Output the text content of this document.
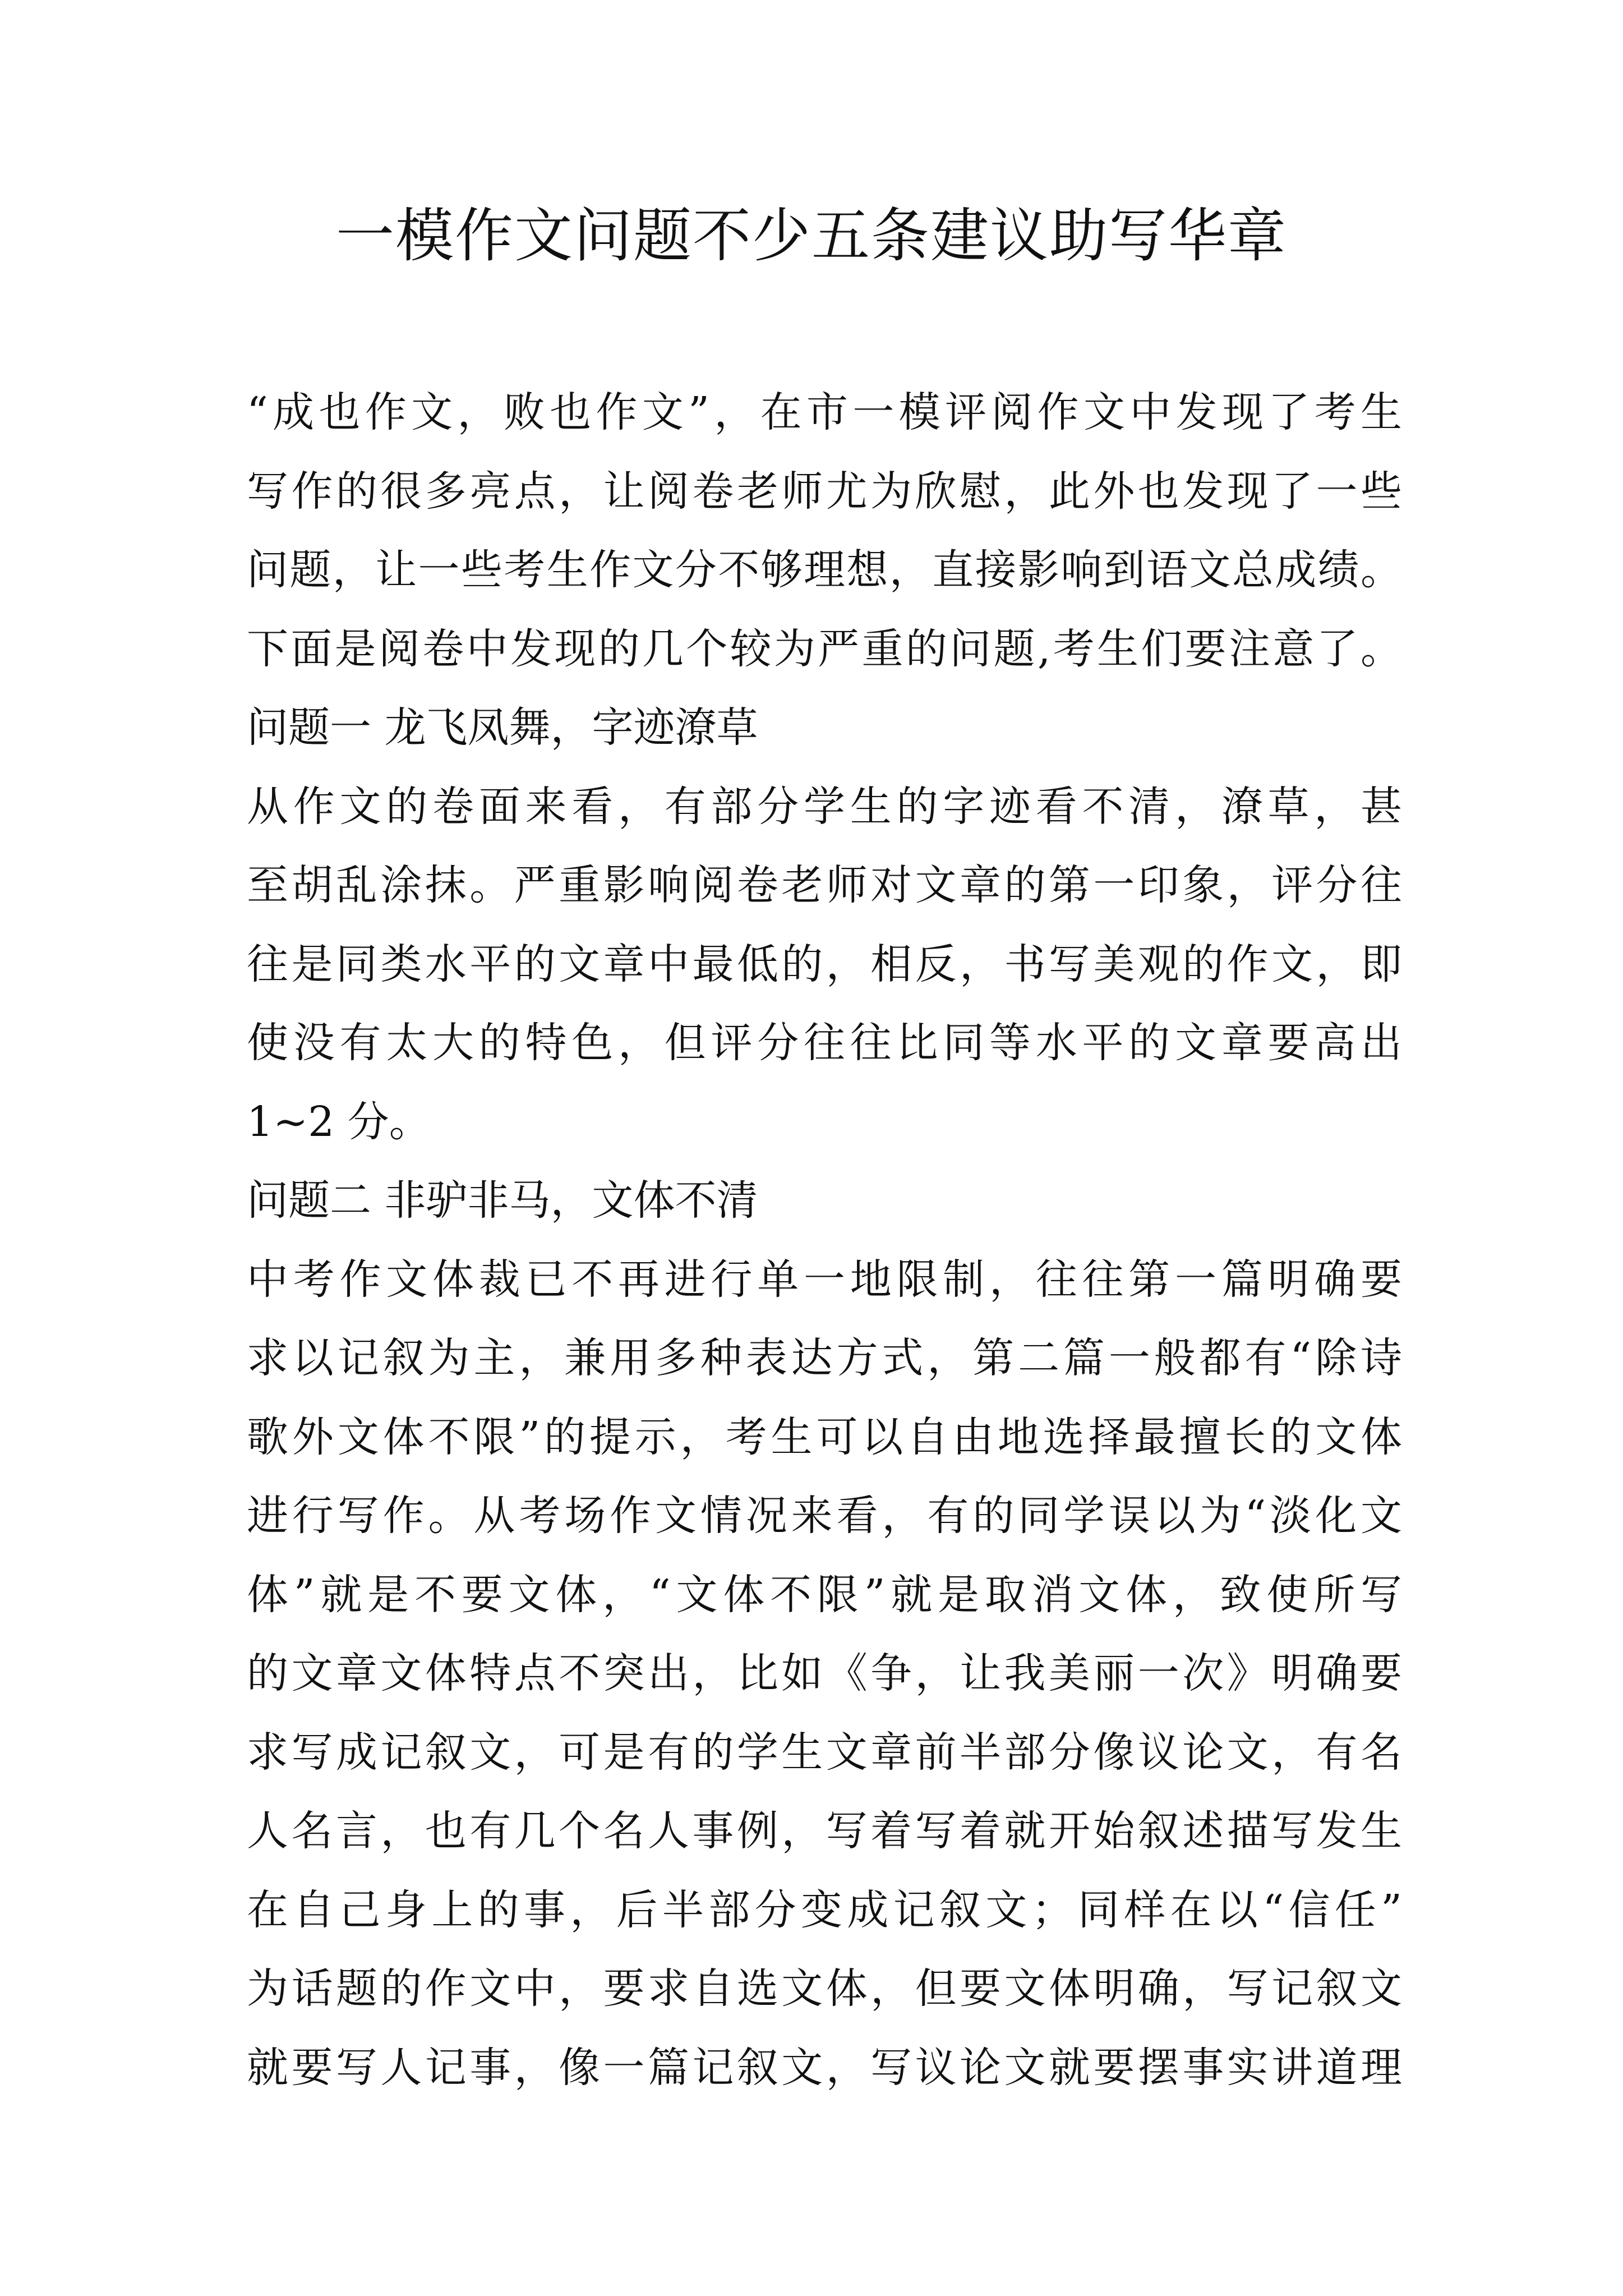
一模作文问题不少五条建议助写华章
“成也作文，败也作文”，在市一模评阅作文中发现了考生
写作的很多亮点，让阅卷老师尤为欣慰，此外也发现了一些
问题，让一些考生作文分不够理想，直接影响到语文总成绩。
下面是阅卷中发现的几个较为严重的问题,考生们要注意了。
问题一 龙飞凤舞，字迹潦草
从作文的卷面来看，有部分学生的字迹看不清，潦草，甚
至胡乱涂抹。严重影响阅卷老师对文章的第一印象，评分往
往是同类水平的文章中最低的，相反，书写美观的作文，即
使没有太大的特色，但评分往往比同等水平的文章要高出
1~2 分。
问题二 非驴非马，文体不清
中考作文体裁已不再进行单一地限制，往往第一篇明确要
求以记叙为主，兼用多种表达方式，第二篇一般都有“除诗
歌外文体不限”的提示，考生可以自由地选择最擅长的文体
进行写作。从考场作文情况来看，有的同学误以为“淡化文
体”就是不要文体，“文体不限”就是取消文体，致使所写
的文章文体特点不突出，比如《争，让我美丽一次》明确要
求写成记叙文，可是有的学生文章前半部分像议论文，有名
人名言，也有几个名人事例，写着写着就开始叙述描写发生
在自己身上的事，后半部分变成记叙文；同样在以“信任”
为话题的作文中，要求自选文体，但要文体明确，写记叙文
就要写人记事，像一篇记叙文，写议论文就要摆事实讲道理
